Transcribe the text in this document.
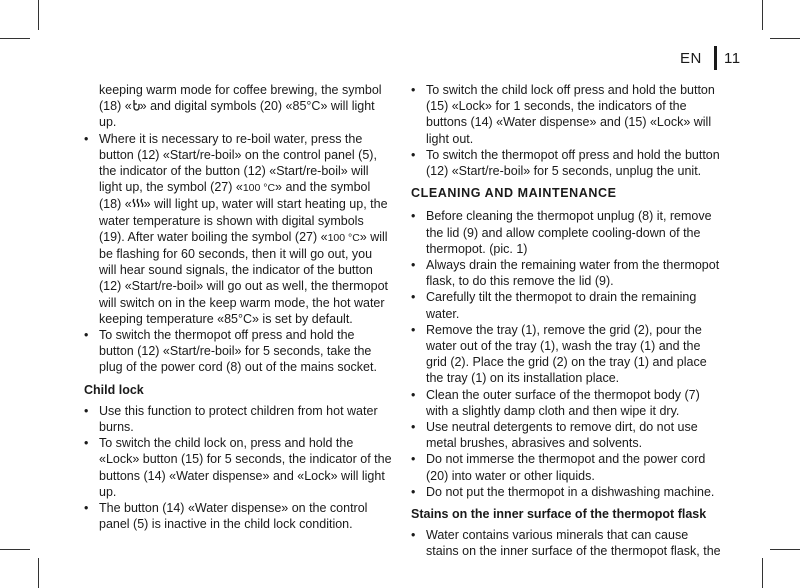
EN 11
keeping warm mode for coffee brewing, the symbol
(18) « » and digital symbols (20) «85°C» will light
up.
• Where it is necessary to re-boil water, press the button (12) «Start/re-boil» on the control panel (5), the indicator of the button (12) «Start/re-boil» will light up, the symbol (27) «100 °C» and the symbol (18) « » will light up, water will start heating up, the water temperature is shown with digital symbols (19). After water boiling the symbol (27) «100 °C» will be flashing for 60 seconds, then it will go out, you will hear sound signals, the indicator of the button (12) «Start/re-boil» will go out as well, the thermopot will switch on in the keep warm mode, the hot water keeping temperature «85°C» is set by default.
• To switch the thermopot off press and hold the button (12) «Start/re-boil» for 5 seconds, take the plug of the power cord (8) out of the mains socket.
Child lock
• Use this function to protect children from hot water burns.
• To switch the child lock on, press and hold the «Lock» button (15) for 5 seconds, the indicator of the buttons (14) «Water dispense» and «Lock» will light up.
• The button (14) «Water dispense» on the control panel (5) is inactive in the child lock condition.
• To switch the child lock off press and hold the button (15) «Lock» for 1 seconds, the indicators of the buttons (14) «Water dispense» and (15) «Lock» will light out.
• To switch the thermopot off press and hold the button (12) «Start/re-boil» for 5 seconds, unplug the unit.
CLEANING AND MAINTENANCE
• Before cleaning the thermopot unplug (8) it, remove the lid (9) and allow complete cooling-down of the thermopot. (pic. 1)
• Always drain the remaining water from the thermopot flask, to do this remove the lid (9).
• Carefully tilt the thermopot to drain the remaining water.
• Remove the tray (1), remove the grid (2), pour the water out of the tray (1), wash the tray (1) and the grid (2). Place the grid (2) on the tray (1) and place the tray (1) on its installation place.
• Clean the outer surface of the thermopot body (7) with a slightly damp cloth and then wipe it dry.
• Use neutral detergents to remove dirt, do not use metal brushes, abrasives and solvents.
• Do not immerse the thermopot and the power cord (20) into water or other liquids.
• Do not put the thermopot in a dishwashing machine.
Stains on the inner surface of the thermopot flask
• Water contains various minerals that can cause stains on the inner surface of the thermopot flask, the
